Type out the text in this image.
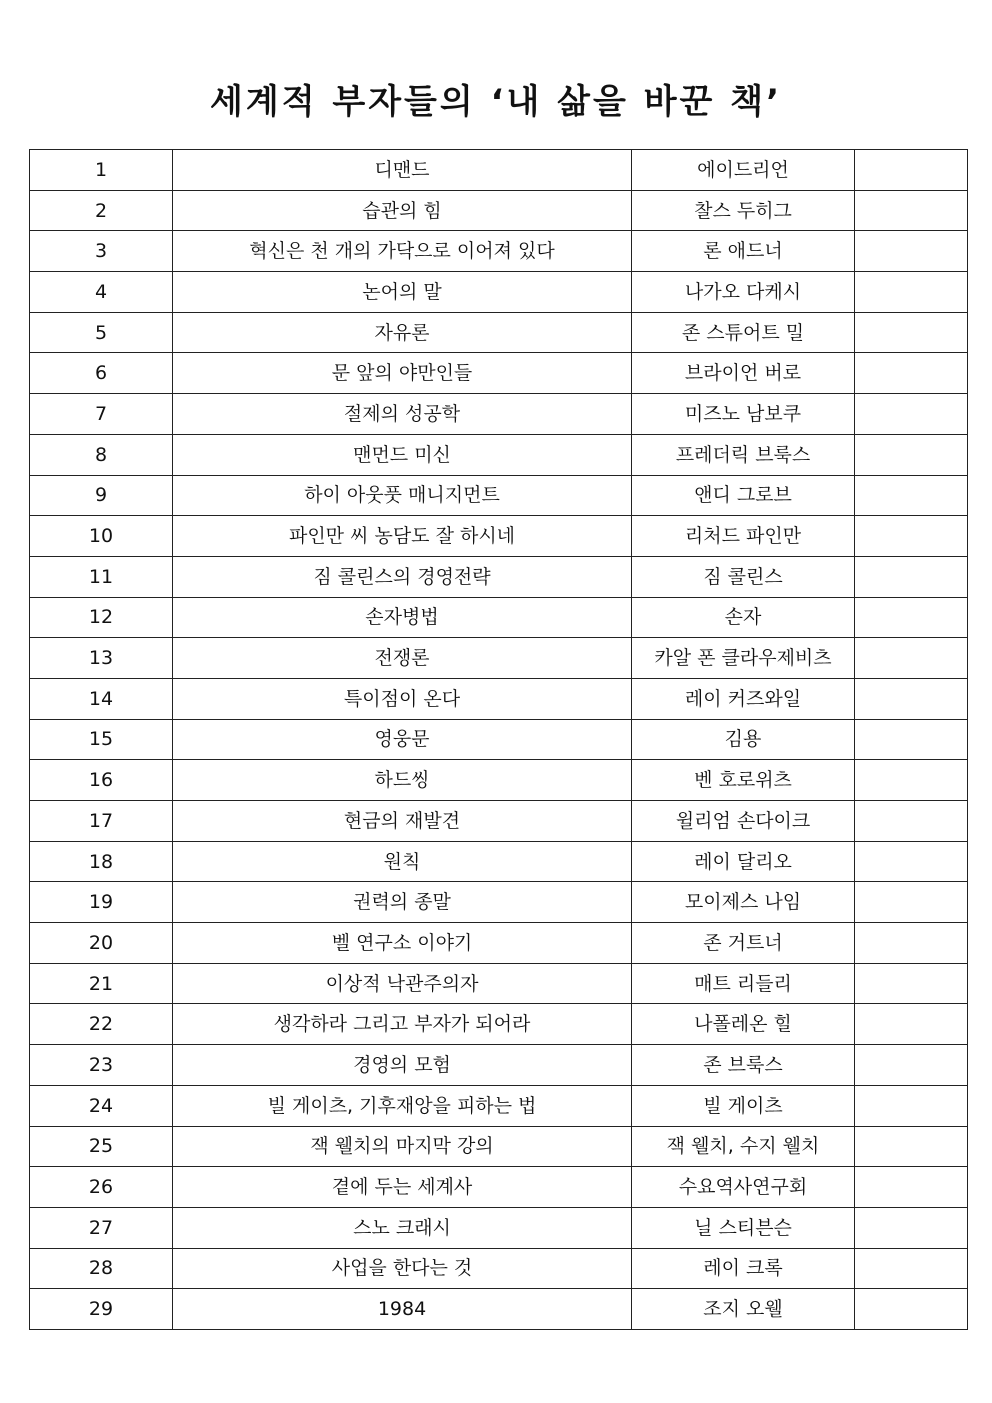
세계적 부자들의 ‘내 삶을 바꾼 책’
1	디맨드	에이드리언	
2	습관의 힘	찰스 두히그	
3	혁신은 천 개의 가닥으로 이어져 있다	론 애드너	
4	논어의 말	나가오 다케시	
5	자유론	존 스튜어트 밀	
6	문 앞의 야만인들	브라이언 버로	
7	절제의 성공학	미즈노 남보쿠	
8	맨먼드 미신	프레더릭 브룩스	
9	하이 아웃풋 매니지먼트	앤디 그로브	
10	파인만 씨 농담도 잘 하시네	리처드 파인만	
11	짐 콜린스의 경영전략	짐 콜린스	
12	손자병법	손자	
13	전쟁론	카알 폰 클라우제비츠	
14	특이점이 온다	레이 커즈와일	
15	영웅문	김용	
16	하드씽	벤 호로위츠	
17	현금의 재발견	윌리엄 손다이크	
18	원칙	레이 달리오	
19	권력의 종말	모이제스 나임	
20	벨 연구소 이야기	존 거트너	
21	이상적 낙관주의자	매트 리들리	
22	생각하라 그리고 부자가 되어라	나폴레온 힐	
23	경영의 모험	존 브룩스	
24	빌 게이츠, 기후재앙을 피하는 법	빌 게이츠	
25	잭 웰치의 마지막 강의	잭 웰치, 수지 웰치	
26	곁에 두는 세계사	수요역사연구회	
27	스노 크래시	닐 스티븐슨	
28	사업을 한다는 것	레이 크록	
29	1984	조지 오웰	
